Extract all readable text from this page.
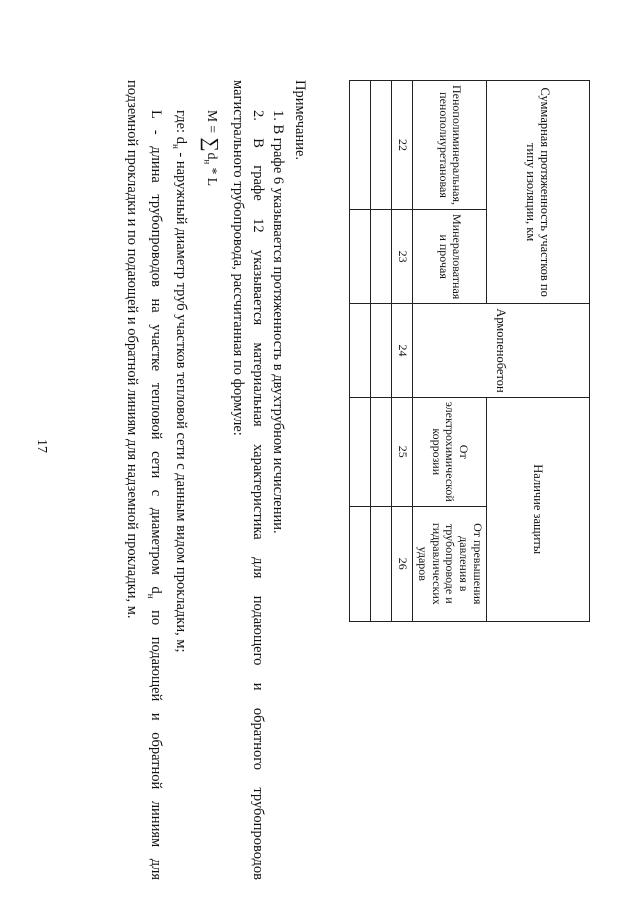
17
Суммарная протяженность участков по типу изоляции, км		Армопенобетон	Наличие защиты	
Пенополиминеральная, пенополиуретановая	Минераловатная и прочая		От электрохимической коррозии	От превышения давления в трубопроводе и гидравлических ударов
22	23	24	25	26

Примечание.

1. В графе 6 указывается протяженность в двухтрубном исчислении.

2. В графе 12 указывается материальная характеристика для подающего и обратного трубопроводов

магистрального трубопровода, рассчитанная по формуле:

$M = \sum d_н * L$

где: $d_н$ - наружный диаметр труб участков тепловой сети с данным видом прокладки, м;

L - длина трубопроводов на участке тепловой сети с диаметром $d_н$ по подающей и обратной линиям для

подземной прокладки и по подающей и обратной линиям для надземной прокладки, м.
